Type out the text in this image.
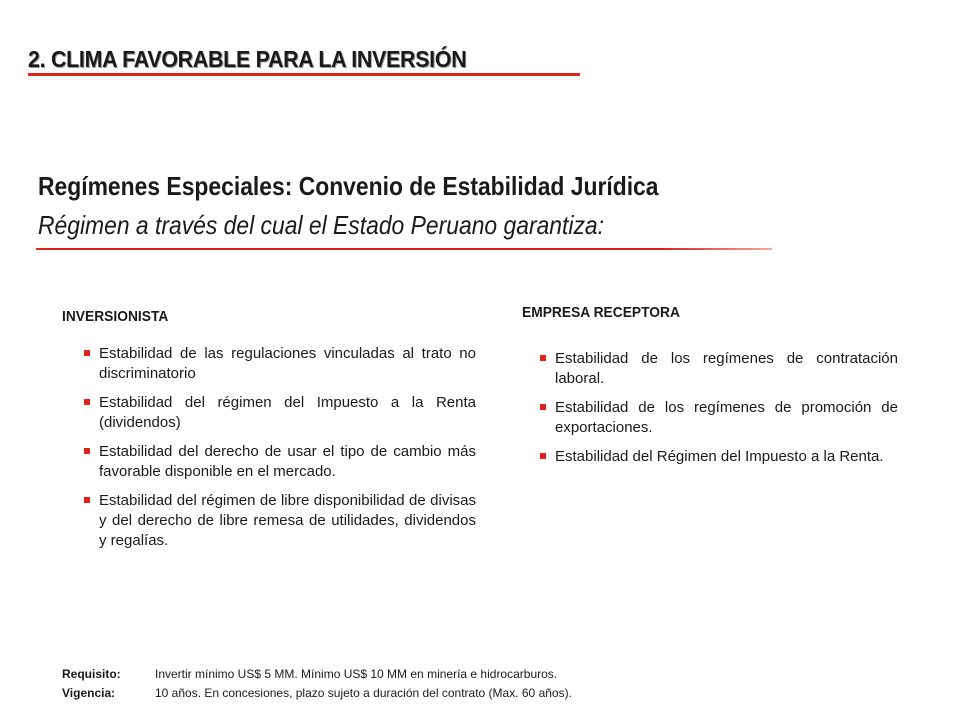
2. CLIMA FAVORABLE PARA LA INVERSIÓN
Regímenes Especiales: Convenio de Estabilidad Jurídica
Régimen a través del cual el Estado Peruano garantiza:
INVERSIONISTA
Estabilidad de las regulaciones vinculadas al trato no discriminatorio
Estabilidad del régimen del Impuesto a la Renta (dividendos)
Estabilidad del derecho de usar el tipo de cambio más favorable disponible en el mercado.
Estabilidad del régimen de libre disponibilidad de divisas y del derecho de libre remesa de utilidades, dividendos y regalías.
EMPRESA RECEPTORA
Estabilidad de los regímenes de contratación laboral.
Estabilidad de los regímenes de promoción de exportaciones.
Estabilidad del Régimen del Impuesto a la Renta.
Requisito:	Invertir mínimo US$ 5 MM. Mínimo US$ 10 MM en minería e hidrocarburos.
Vigencia:	10 años. En concesiones, plazo sujeto a duración del contrato (Max. 60 años).
